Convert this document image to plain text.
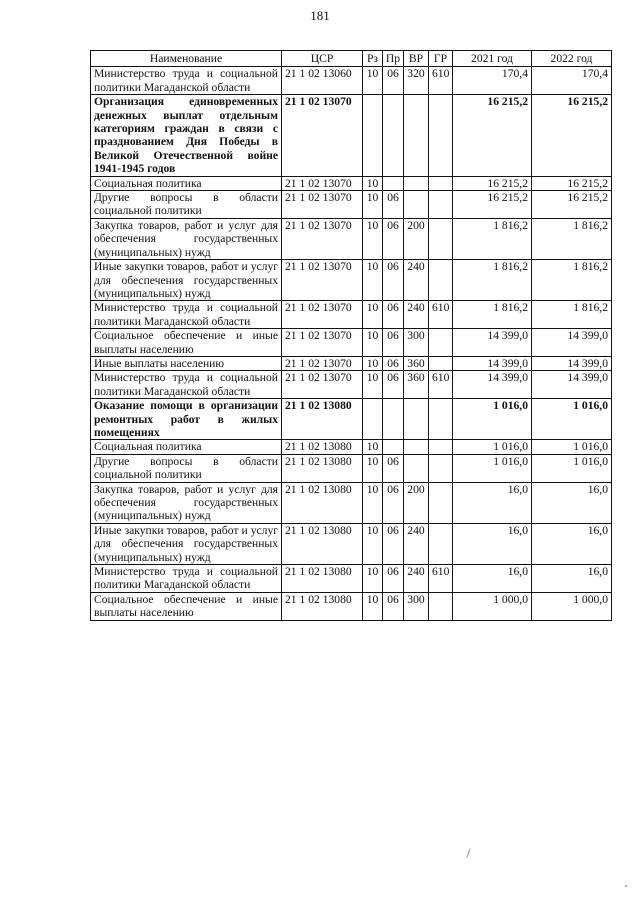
181
Наименование	ЦСР	Рз	Пр	ВР	ГР	2021 год	2022 год
Министерство труда и социальной политики Магаданской области	21 1 02 13060	10	06	320	610	170,4	170,4
Организация единовременных денежных выплат отдельным категориям граждан в связи с празднованием Дня Победы в Великой Отечественной войне 1941-1945 годов	21 1 02 13070					16 215,2	16 215,2
Социальная политика	21 1 02 13070	10				16 215,2	16 215,2
Другие вопросы в области социальной политики	21 1 02 13070	10	06			16 215,2	16 215,2
Закупка товаров, работ и услуг для обеспечения государственных (муниципальных) нужд	21 1 02 13070	10	06	200		1 816,2	1 816,2
Иные закупки товаров, работ и услуг для обеспечения государственных (муниципальных) нужд	21 1 02 13070	10	06	240		1 816,2	1 816,2
Министерство труда и социальной политики Магаданской области	21 1 02 13070	10	06	240	610	1 816,2	1 816,2
Социальное обеспечение и иные выплаты населению	21 1 02 13070	10	06	300		14 399,0	14 399,0
Иные выплаты населению	21 1 02 13070	10	06	360		14 399,0	14 399,0
Министерство труда и социальной политики Магаданской области	21 1 02 13070	10	06	360	610	14 399,0	14 399,0
Оказание помощи в организации ремонтных работ в жилых помещениях	21 1 02 13080					1 016,0	1 016,0
Социальная политика	21 1 02 13080	10				1 016,0	1 016,0
Другие вопросы в области социальной политики	21 1 02 13080	10	06			1 016,0	1 016,0
Закупка товаров, работ и услуг для обеспечения государственных (муниципальных) нужд	21 1 02 13080	10	06	200		16,0	16,0
Иные закупки товаров, работ и услуг для обеспечения государственных (муниципальных) нужд	21 1 02 13080	10	06	240		16,0	16,0
Министерство труда и социальной политики Магаданской области	21 1 02 13080	10	06	240	610	16,0	16,0
Социальное обеспечение и иные выплаты населению	21 1 02 13080	10	06	300		1 000,0	1 000,0
